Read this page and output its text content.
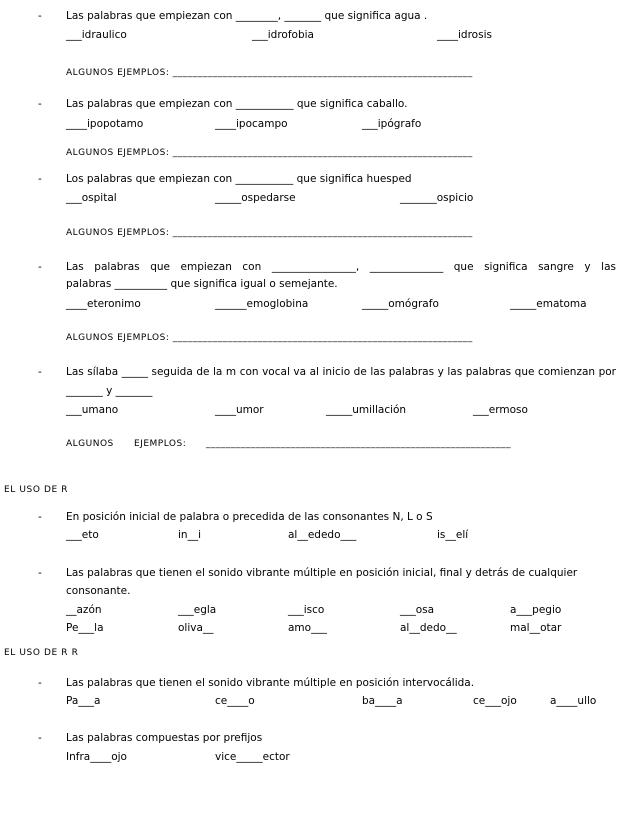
- Las palabras que empiezan con ________, _______ que significa agua .
___idraulico	___idrofobia	____idrosis
ALGUNOS EJEMPLOS: ____________________________________________________________
- Las palabras que empiezan con ___________ que significa caballo.
____ipopotamo	____ipocampo	___ipógrafo
ALGUNOS EJEMPLOS: ____________________________________________________________
- Los palabras que empiezan con ___________ que significa huesped
___ospital	_____ospedarse	_______ospicio
ALGUNOS EJEMPLOS: ____________________________________________________________
- Las palabras que empiezan con ________________, ______________ que significa sangre y las
palabras __________ que significa igual o semejante.
____eteronimo	______emoglobina	_____omógrafo	_____ematoma
ALGUNOS EJEMPLOS: ____________________________________________________________
- Las sílaba _____ seguida de la m con vocal va al inicio de las palabras y las palabras que comienzan por
_______ y _______
___umano	____umor	_____umillación	___ermoso
ALGUNOS EJEMPLOS: _____________________________________________________________
EL USO DE R
- En posición inicial de palabra o precedida de las consonantes N, L o S
___eto	in__i	al__ededo___	is__elí
- Las palabras que tienen el sonido vibrante múltiple en posición inicial, final y detrás de cualquier
consonante.
__azón	___egla	___isco	___osa	a___pegio
Pe___la	oliva__	amo___	al__dedo__	mal__otar
EL USO DE R R
- Las palabras que tienen el sonido vibrante múltiple en posición intervocálida.
Pa___a	ce____o	ba____a	ce___ojo	a____ullo
- Las palabras compuestas por prefijos
Infra____ojo	vice_____ector
